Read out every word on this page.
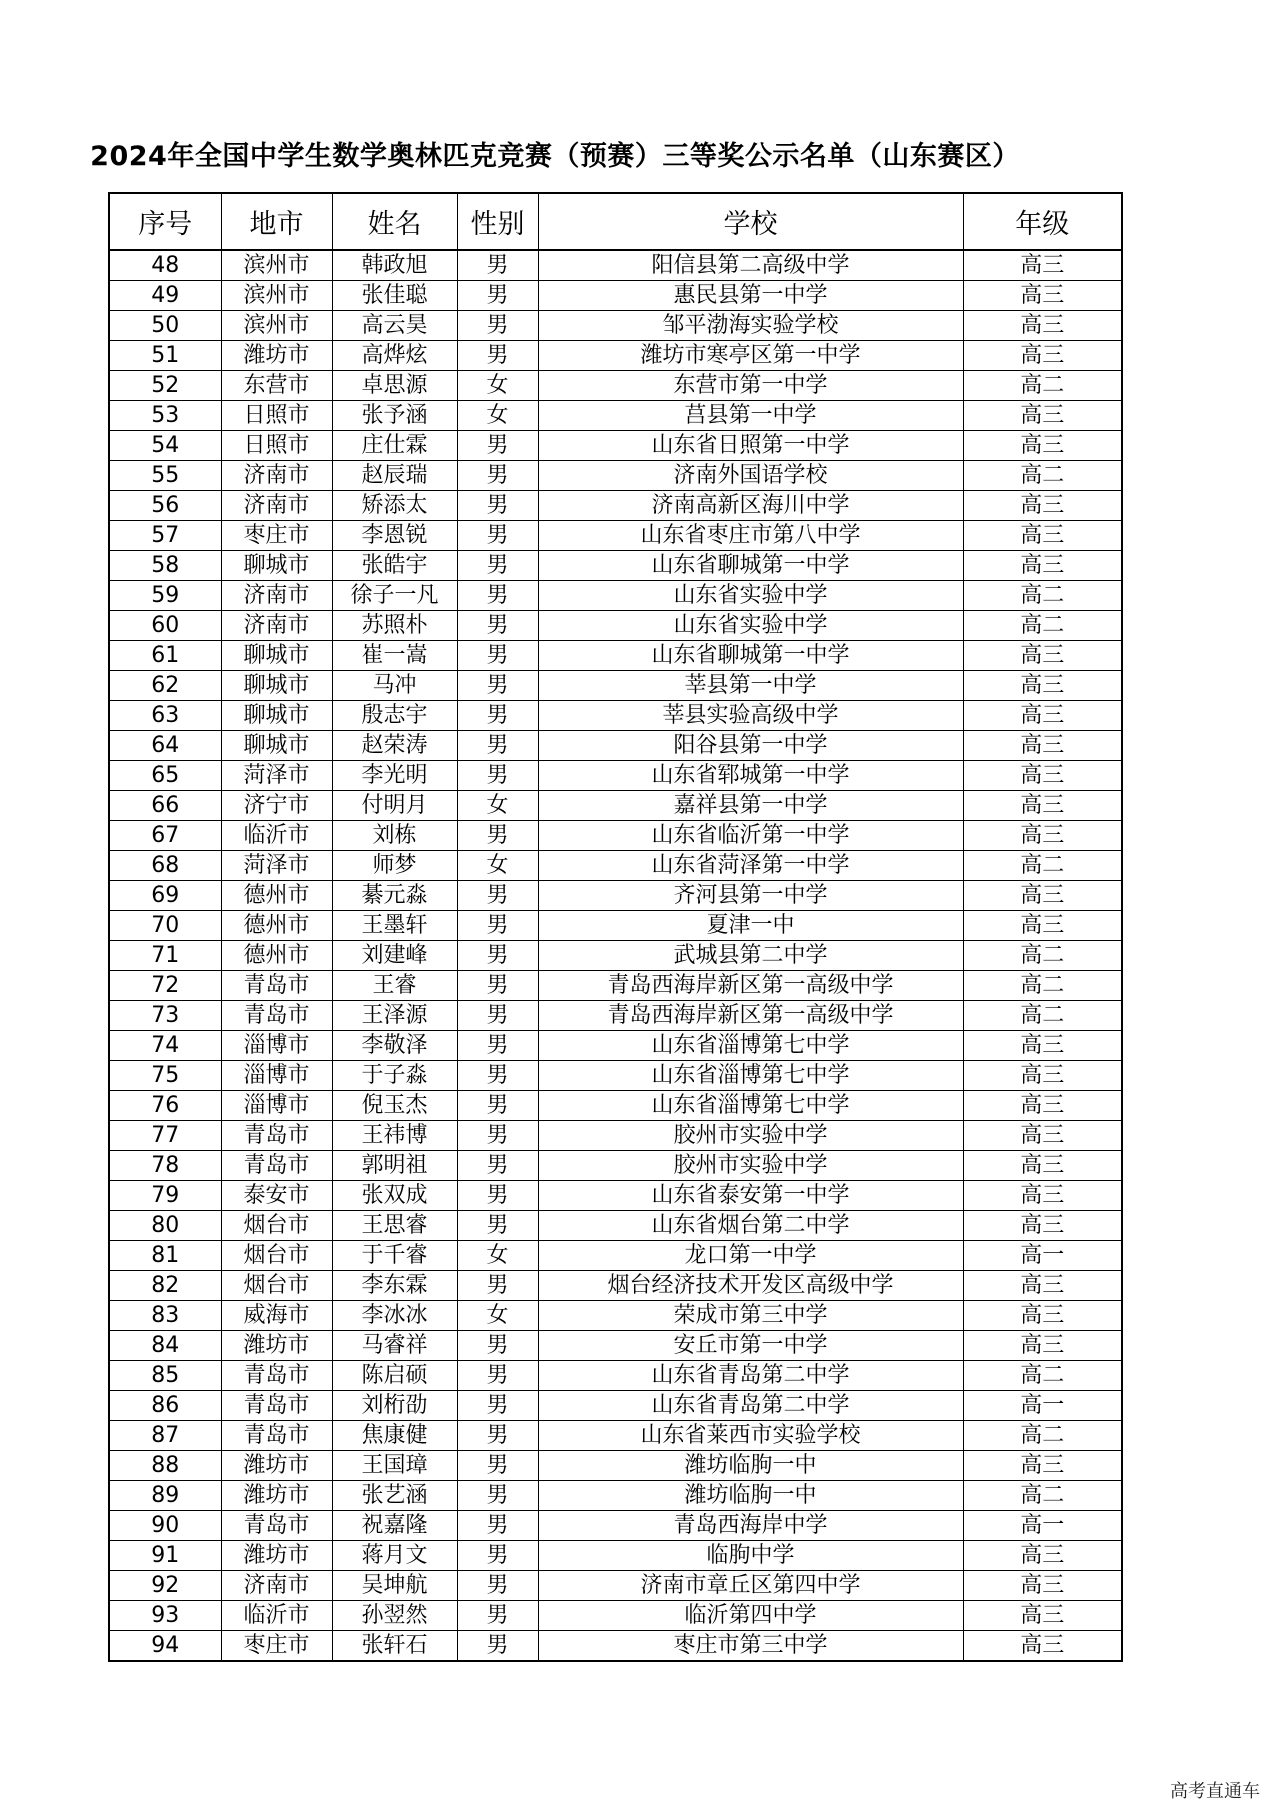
2024年全国中学生数学奥林匹克竞赛（预赛）三等奖公示名单（山东赛区）
序号	地市	姓名	性别	学校	年级
48	滨州市	韩政旭	男	阳信县第二高级中学	高三
49	滨州市	张佳聪	男	惠民县第一中学	高三
50	滨州市	高云昊	男	邹平渤海实验学校	高三
51	潍坊市	高烨炫	男	潍坊市寒亭区第一中学	高三
52	东营市	卓思源	女	东营市第一中学	高二
53	日照市	张予涵	女	莒县第一中学	高三
54	日照市	庄仕霖	男	山东省日照第一中学	高三
55	济南市	赵辰瑞	男	济南外国语学校	高二
56	济南市	矫添太	男	济南高新区海川中学	高三
57	枣庄市	李恩锐	男	山东省枣庄市第八中学	高三
58	聊城市	张皓宇	男	山东省聊城第一中学	高三
59	济南市	徐子一凡	男	山东省实验中学	高二
60	济南市	苏照朴	男	山东省实验中学	高二
61	聊城市	崔一嵩	男	山东省聊城第一中学	高三
62	聊城市	马冲	男	莘县第一中学	高三
63	聊城市	殷志宇	男	莘县实验高级中学	高三
64	聊城市	赵荣涛	男	阳谷县第一中学	高三
65	菏泽市	李光明	男	山东省郓城第一中学	高三
66	济宁市	付明月	女	嘉祥县第一中学	高三
67	临沂市	刘栋	男	山东省临沂第一中学	高三
68	菏泽市	师梦	女	山东省菏泽第一中学	高二
69	德州市	綦元淼	男	齐河县第一中学	高三
70	德州市	王墨轩	男	夏津一中	高三
71	德州市	刘建峰	男	武城县第二中学	高二
72	青岛市	王睿	男	青岛西海岸新区第一高级中学	高二
73	青岛市	王泽源	男	青岛西海岸新区第一高级中学	高二
74	淄博市	李敬泽	男	山东省淄博第七中学	高三
75	淄博市	于子淼	男	山东省淄博第七中学	高三
76	淄博市	倪玉杰	男	山东省淄博第七中学	高三
77	青岛市	王祎博	男	胶州市实验中学	高三
78	青岛市	郭明祖	男	胶州市实验中学	高三
79	泰安市	张双成	男	山东省泰安第一中学	高三
80	烟台市	王思睿	男	山东省烟台第二中学	高三
81	烟台市	于千睿	女	龙口第一中学	高一
82	烟台市	李东霖	男	烟台经济技术开发区高级中学	高三
83	威海市	李冰冰	女	荣成市第三中学	高三
84	潍坊市	马睿祥	男	安丘市第一中学	高三
85	青岛市	陈启硕	男	山东省青岛第二中学	高二
86	青岛市	刘桁劭	男	山东省青岛第二中学	高一
87	青岛市	焦康健	男	山东省莱西市实验学校	高二
88	潍坊市	王国璋	男	潍坊临朐一中	高三
89	潍坊市	张艺涵	男	潍坊临朐一中	高二
90	青岛市	祝嘉隆	男	青岛西海岸中学	高一
91	潍坊市	蒋月文	男	临朐中学	高三
92	济南市	吴坤航	男	济南市章丘区第四中学	高三
93	临沂市	孙翌然	男	临沂第四中学	高三
94	枣庄市	张轩石	男	枣庄市第三中学	高三
高考直通车
